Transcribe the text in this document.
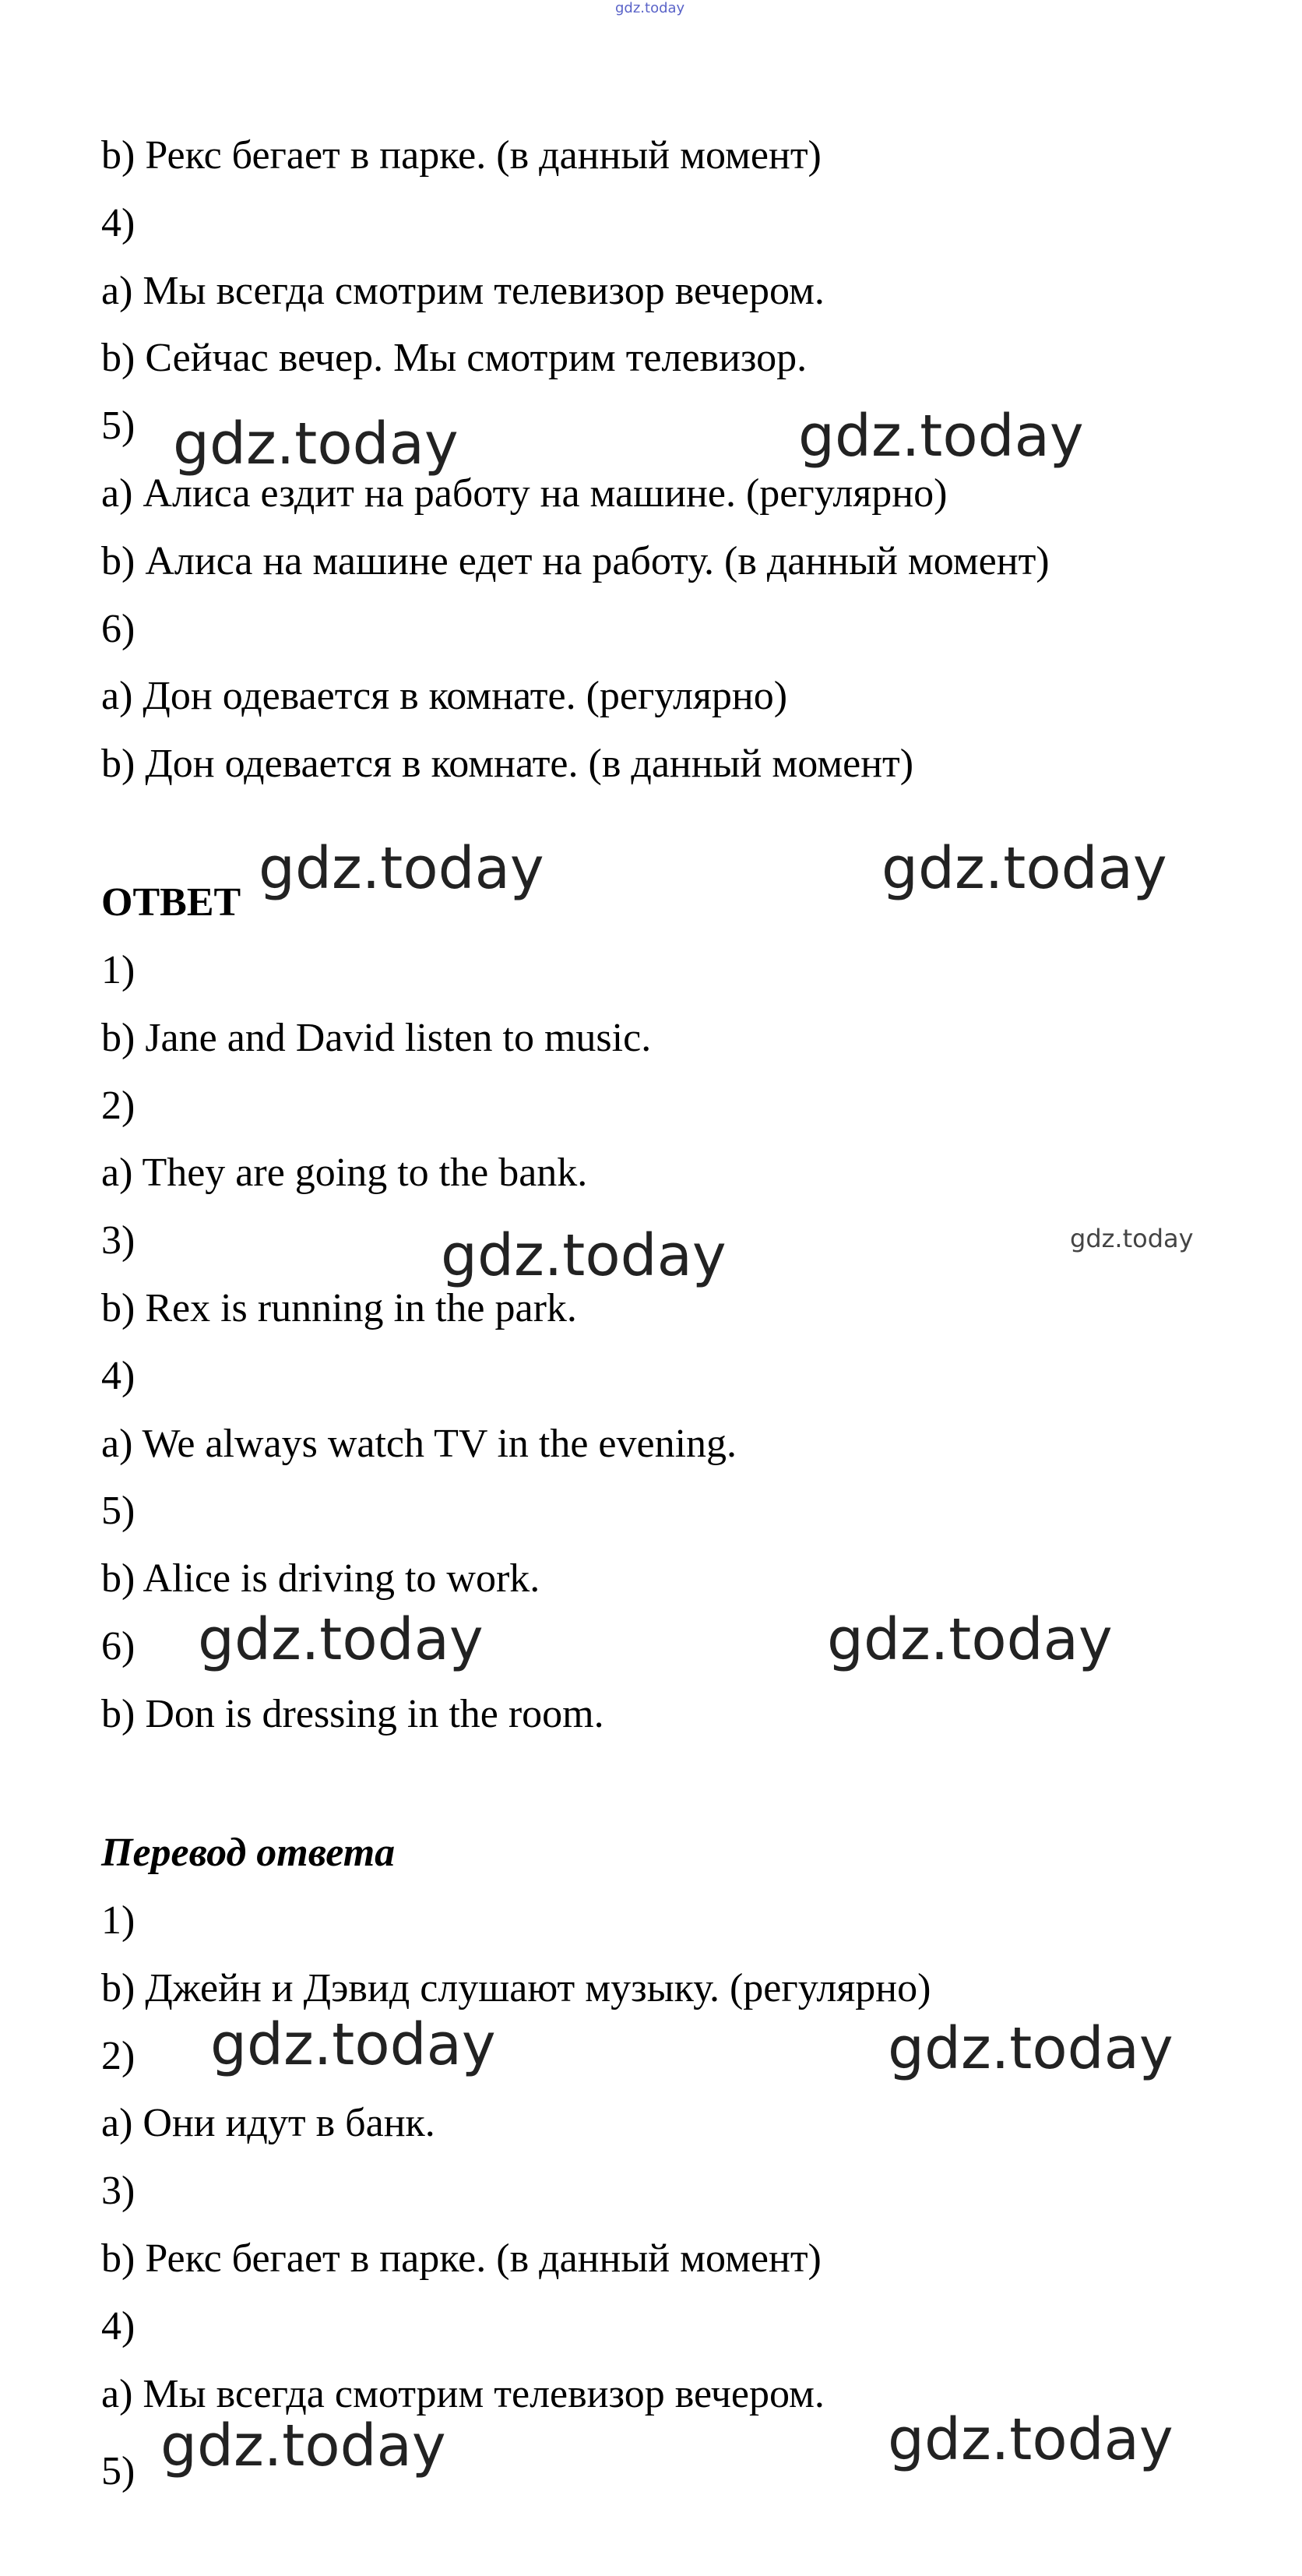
gdz.today
b) Рекс бегает в парке. (в данный момент)
4)
a) Мы всегда смотрим телевизор вечером.
b) Сейчас вечер. Мы смотрим телевизор.
5)
a) Алиса ездит на работу на машине. (регулярно)
b) Алиса на машине едет на работу. (в данный момент)
6)
a) Дон одевается в комнате. (регулярно)
b) Дон одевается в комнате. (в данный момент)
ОТВЕТ
1)
b) Jane and David listen to music.
2)
a) They are going to the bank.
3)
b) Rex is running in the park.
4)
a) We always watch TV in the evening.
5)
b) Alice is driving to work.
6)
b) Don is dressing in the room.
Перевод ответа
1)
b) Джейн и Дэвид слушают музыку. (регулярно)
2)
a) Они идут в банк.
3)
b) Рекс бегает в парке. (в данный момент)
4)
a) Мы всегда смотрим телевизор вечером.
5)
gdz.today	gdz.today
gdz.today	gdz.today
gdz.today	gdz.today
gdz.today	gdz.today
gdz.today	gdz.today
gdz.today	gdz.today
